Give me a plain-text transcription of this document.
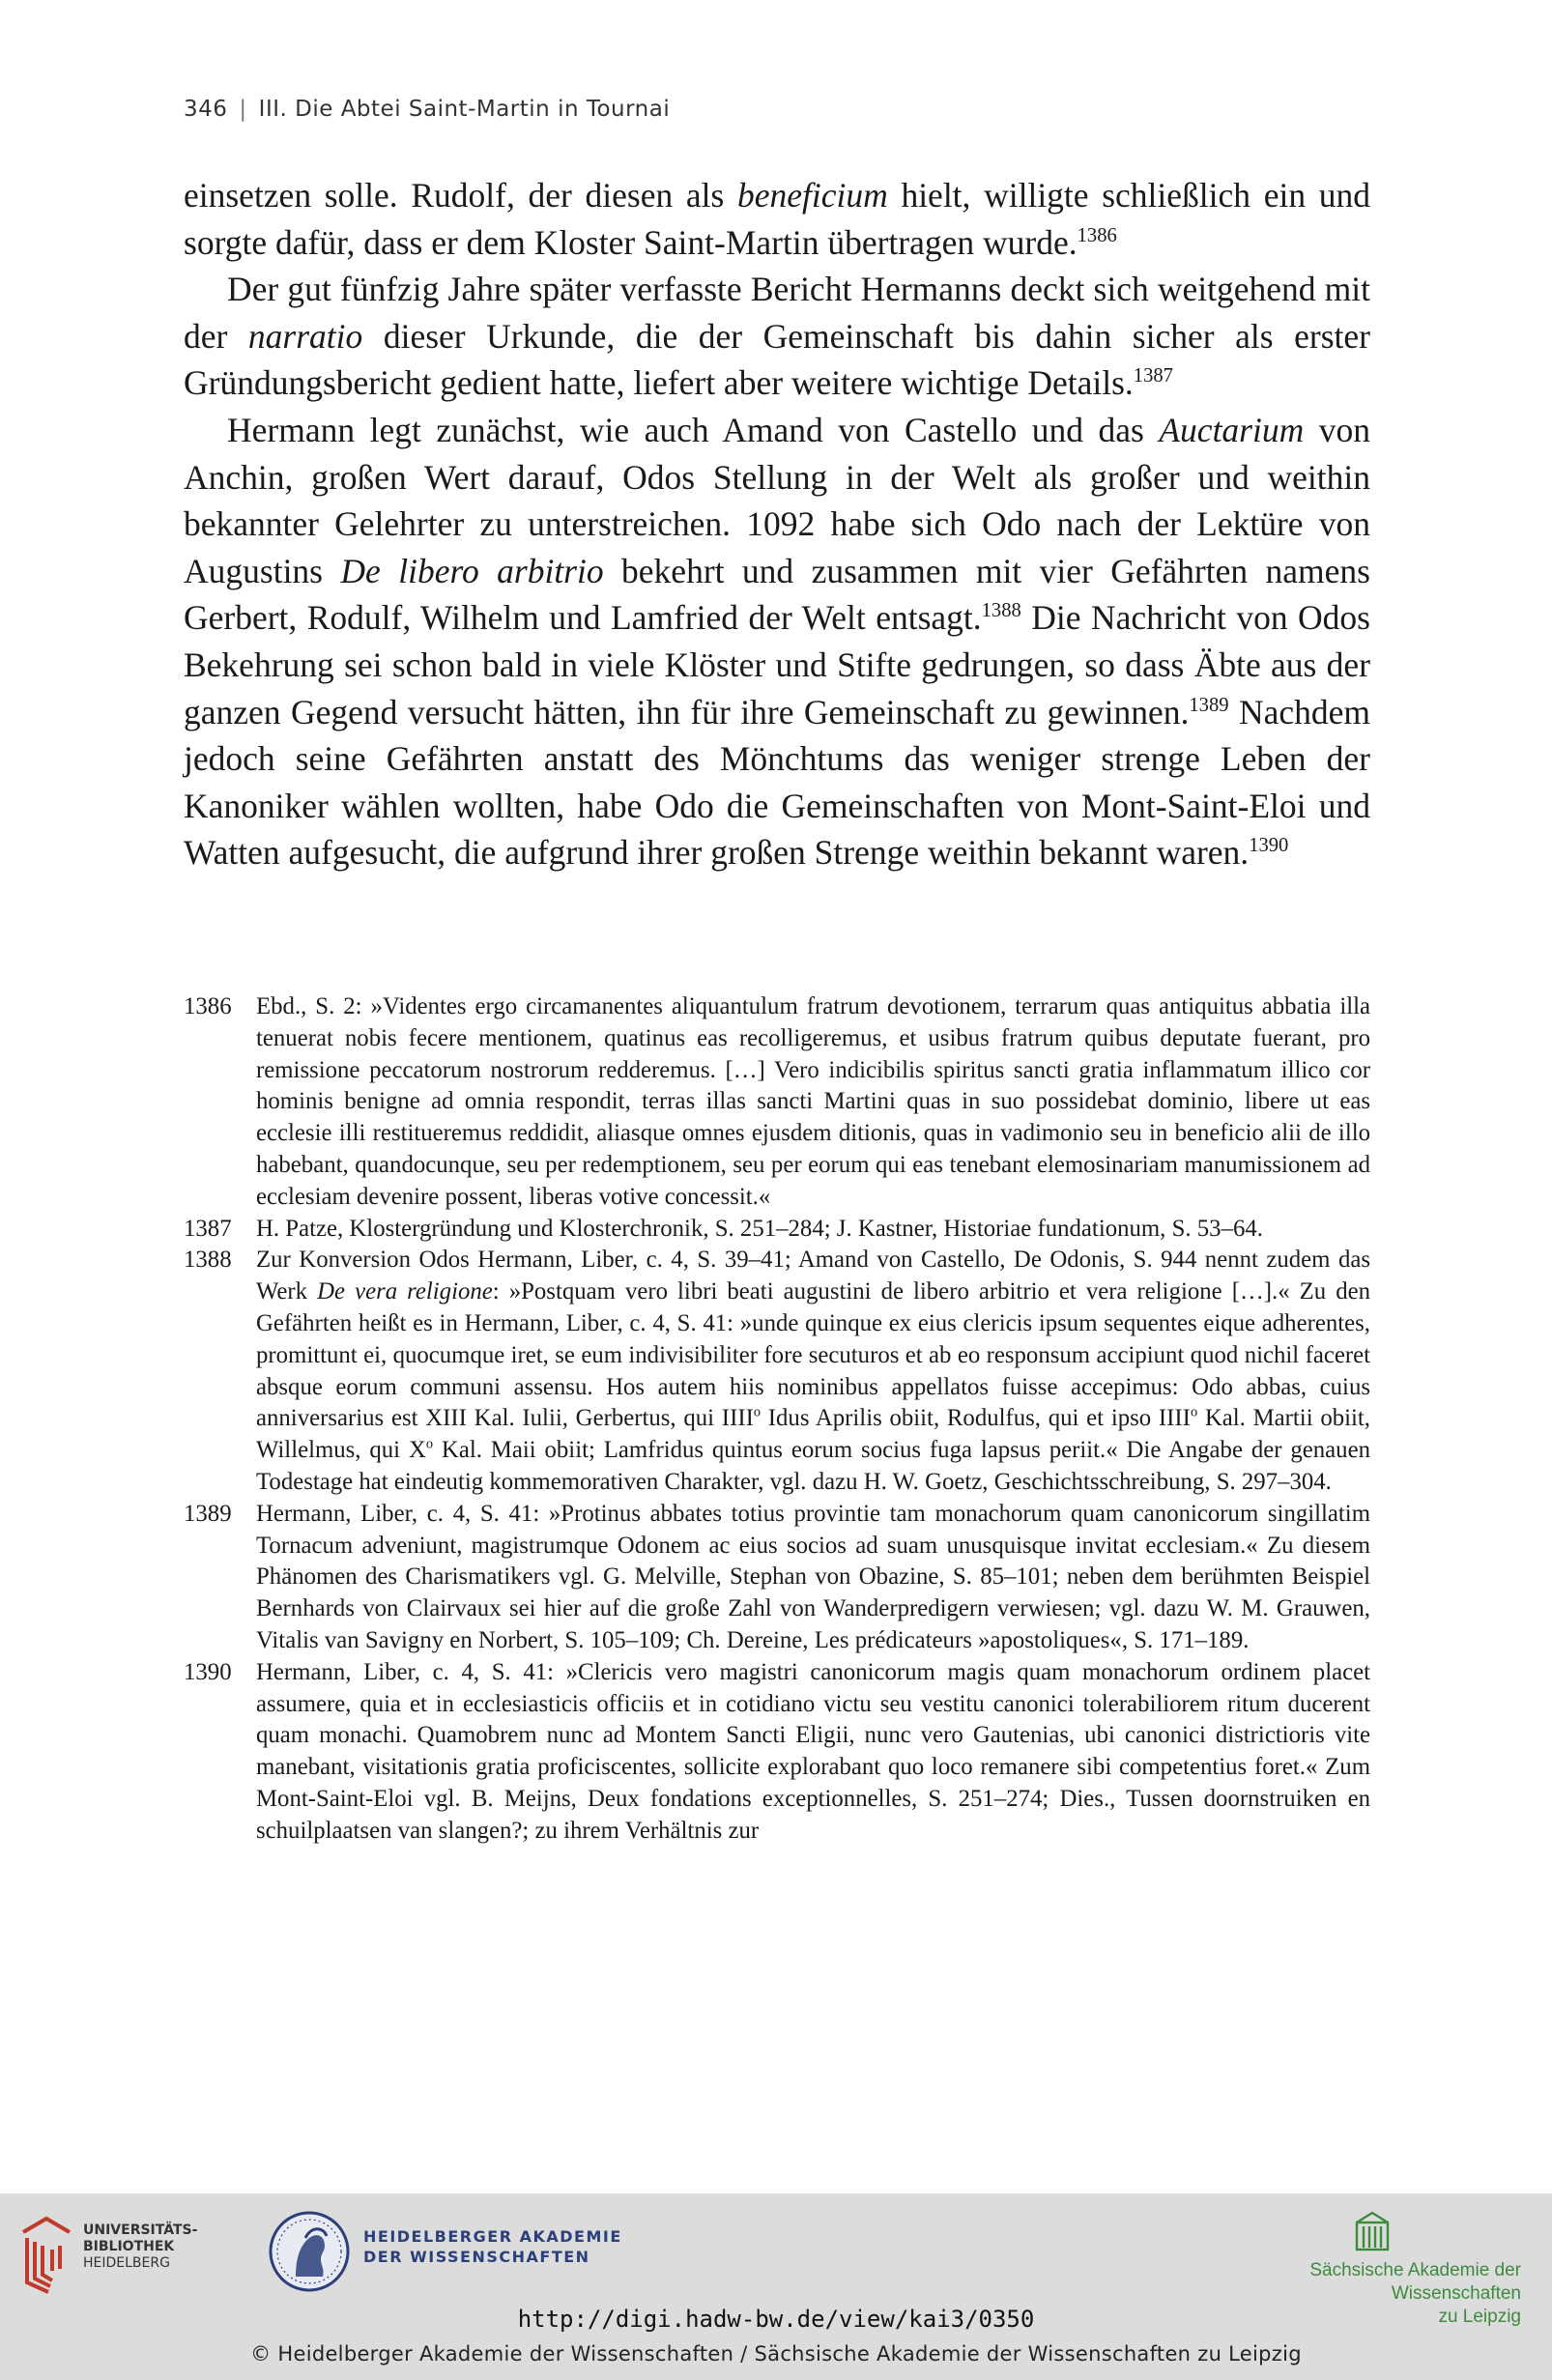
346 | III. Die Abtei Saint-Martin in Tournai

einsetzen solle. Rudolf, der diesen als beneficium hielt, willigte schließlich ein und sorgte dafür, dass er dem Kloster Saint-Martin übertragen wurde.$^{1386}$

Der gut fünfzig Jahre später verfasste Bericht Hermanns deckt sich weitgehend mit der narratio dieser Urkunde, die der Gemeinschaft bis dahin sicher als erster Gründungsbericht gedient hatte, liefert aber weitere wichtige Details.$^{1387}$

Hermann legt zunächst, wie auch Amand von Castello und das Auctarium von Anchin, großen Wert darauf, Odos Stellung in der Welt als großer und weithin bekannter Gelehrter zu unterstreichen. 1092 habe sich Odo nach der Lektüre von Augustins De libero arbitrio bekehrt und zusammen mit vier Gefährten namens Gerbert, Rodulf, Wilhelm und Lamfried der Welt entsagt.$^{1388}$ Die Nachricht von Odos Bekehrung sei schon bald in viele Klöster und Stifte gedrungen, so dass Äbte aus der ganzen Gegend versucht hätten, ihn für ihre Gemeinschaft zu gewinnen.$^{1389}$ Nachdem jedoch seine Gefährten anstatt des Mönchtums das weniger strenge Leben der Kanoniker wählen wollten, habe Odo die Gemeinschaften von Mont-Saint-Eloi und Watten aufgesucht, die aufgrund ihrer großen Strenge weithin bekannt waren.$^{1390}$

1386	Ebd., S. 2: »Videntes ergo circamanentes aliquantulum fratrum devotionem, terrarum quas antiquitus abbatia illa tenuerat nobis fecere mentionem, quatinus eas recolligeremus, et usibus fratrum quibus deputate fuerant, pro remissione peccatorum nostrorum redderemus. […] Vero indicibilis spiritus sancti gratia inflammatum illico cor hominis benigne ad omnia respondit, terras illas sancti Martini quas in suo possidebat dominio, libere ut eas ecclesie illi restitueremus reddidit, aliasque omnes ejusdem ditionis, quas in vadimonio seu in beneficio alii de illo habebant, quandocunque, seu per redemptionem, seu per eorum qui eas tenebant elemosinariam manumissionem ad ecclesiam devenire possent, liberas votive concessit.«
1387	H. Patze, Klostergründung und Klosterchronik, S. 251–284; J. Kastner, Historiae fundationum, S. 53–64.
1388	Zur Konversion Odos Hermann, Liber, c. 4, S. 39–41; Amand von Castello, De Odonis, S. 944 nennt zudem das Werk De vera religione: »Postquam vero libri beati augustini de libero arbitrio et vera religione […].« Zu den Gefährten heißt es in Hermann, Liber, c. 4, S. 41: »unde quinque ex eius clericis ipsum sequentes eique adherentes, promittunt ei, quocumque iret, se eum indivisibiliter fore secuturos et ab eo responsum accipiunt quod nichil faceret absque eorum communi assensu. Hos autem hiis nominibus appellatos fuisse accepimus: Odo abbas, cuius anniversarius est XIII Kal. Iulii, Gerbertus, qui IIII$^o$ Idus Aprilis obiit, Rodulfus, qui et ipso IIII$^o$ Kal. Martii obiit, Willelmus, qui $X^o$ Kal. Maii obiit; Lamfridus quintus eorum socius fuga lapsus periit.« Die Angabe der genauen Todestage hat eindeutig kommemorativen Charakter, vgl. dazu H. W. Goetz, Geschichtsschreibung, S. 297–304.
1389	Hermann, Liber, c. 4, S. 41: »Protinus abbates totius provintie tam monachorum quam canonicorum singillatim Tornacum adveniunt, magistrumque Odonem ac eius socios ad suam unusquisque invitat ecclesiam.« Zu diesem Phänomen des Charismatikers vgl. G. Melville, Stephan von Obazine, S. 85–101; neben dem berühmten Beispiel Bernhards von Clairvaux sei hier auf die große Zahl von Wanderpredigern verwiesen; vgl. dazu W. M. Grauwen, Vitalis van Savigny en Norbert, S. 105–109; Ch. Dereine, Les prédicateurs »apostoliques«, S. 171–189.
1390	Hermann, Liber, c. 4, S. 41: »Clericis vero magistri canonicorum magis quam monachorum ordinem placet assumere, quia et in ecclesiasticis officiis et in cotidiano victu seu vestitu canonici tolerabiliorem ritum ducerent quam monachi. Quamobrem nunc ad Montem Sancti Eligii, nunc vero Gautenias, ubi canonici districtioris vite manebant, visitationis gratia proficiscentes, sollicite explorabant quo loco remanere sibi competentius foret.« Zum Mont-Saint-Eloi vgl. B. Meijns, Deux fondations exceptionnelles, S. 251–274; Dies., Tussen doornstruiken en schuilplaatsen van slangen?; zu ihrem Verhältnis zur
UNIVERSITÄTS-
BIBLIOTHEK
HEIDELBERG
HEIDELBERGER AKADEMIE
DER WISSENSCHAFTEN
Sächsische Akademie der Wissenschaften
zu Leipzig
http://digi.hadw-bw.de/view/kai3/0350
© Heidelberger Akademie der Wissenschaften / Sächsische Akademie der Wissenschaften zu Leipzig
